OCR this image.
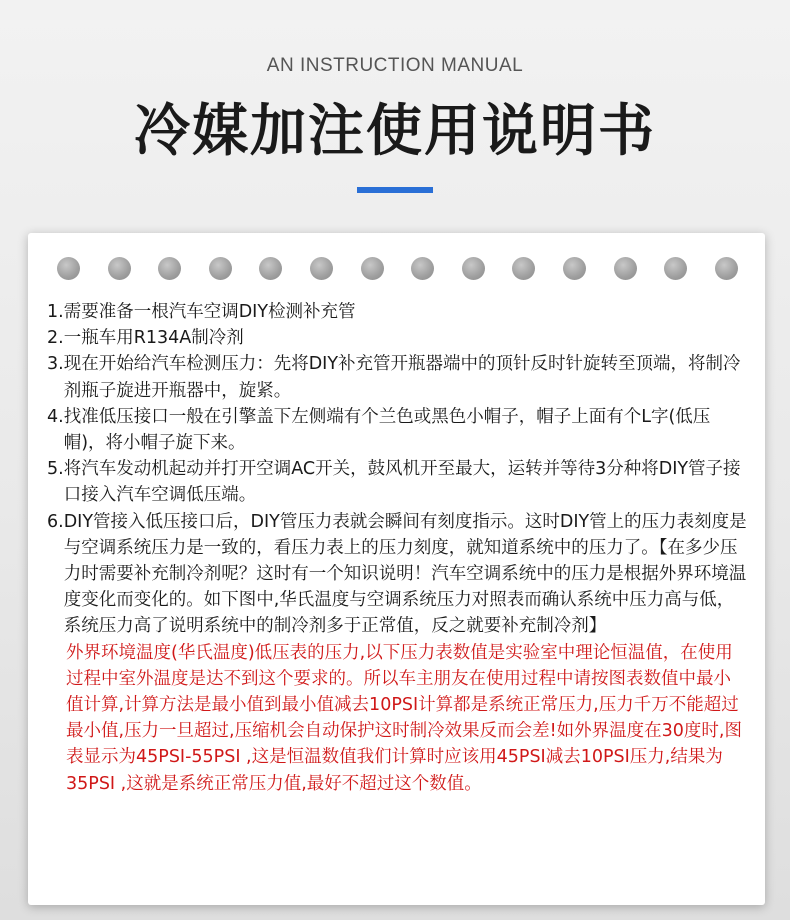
AN INSTRUCTION MANUAL
冷媒加注使用说明书
1. 需要准备一根汽车空调DIY检测补充管
2. 一瓶车用R134A制冷剂
3. 现在开始给汽车检测压力：先将DIY补充管开瓶器端中的顶针反时针旋转至顶端，将制冷剂瓶子旋进开瓶器中，旋紧。
4. 找准低压接口一般在引擎盖下左侧端有个兰色或黑色小帽子，帽子上面有个L字(低压帽)，将小帽子旋下来。
5. 将汽车发动机起动并打开空调AC开关，鼓风机开至最大，运转并等待3分种将DIY管子接口接入汽车空调低压端。
6. DIY管接入低压接口后，DIY管压力表就会瞬间有刻度指示。这时DIY管上的压力表刻度是与空调系统压力是一致的，看压力表上的压力刻度，就知道系统中的压力了。【在多少压力时需要补充制冷剂呢？这时有一个知识说明！汽车空调系统中的压力是根据外界环境温度变化而变化的。如下图中,华氏温度与空调系统压力对照表而确认系统中压力高与低，系统压力高了说明系统中的制冷剂多于正常值，反之就要补充制冷剂】
外界环境温度(华氏温度)低压表的压力,以下压力表数值是实验室中理论恒温值，在使用过程中室外温度是达不到这个要求的。所以车主朋友在使用过程中请按图表数值中最小值计算,计算方法是最小值到最小值减去10PSI计算都是系统正常压力,压力千万不能超过最小值,压力一旦超过,压缩机会自动保护这时制冷效果反而会差!如外界温度在30度时,图表显示为45PSI-55PSI ,这是恒温数值我们计算时应该用45PSI减去10PSI压力,结果为35PSI ,这就是系统正常压力值,最好不超过这个数值。
